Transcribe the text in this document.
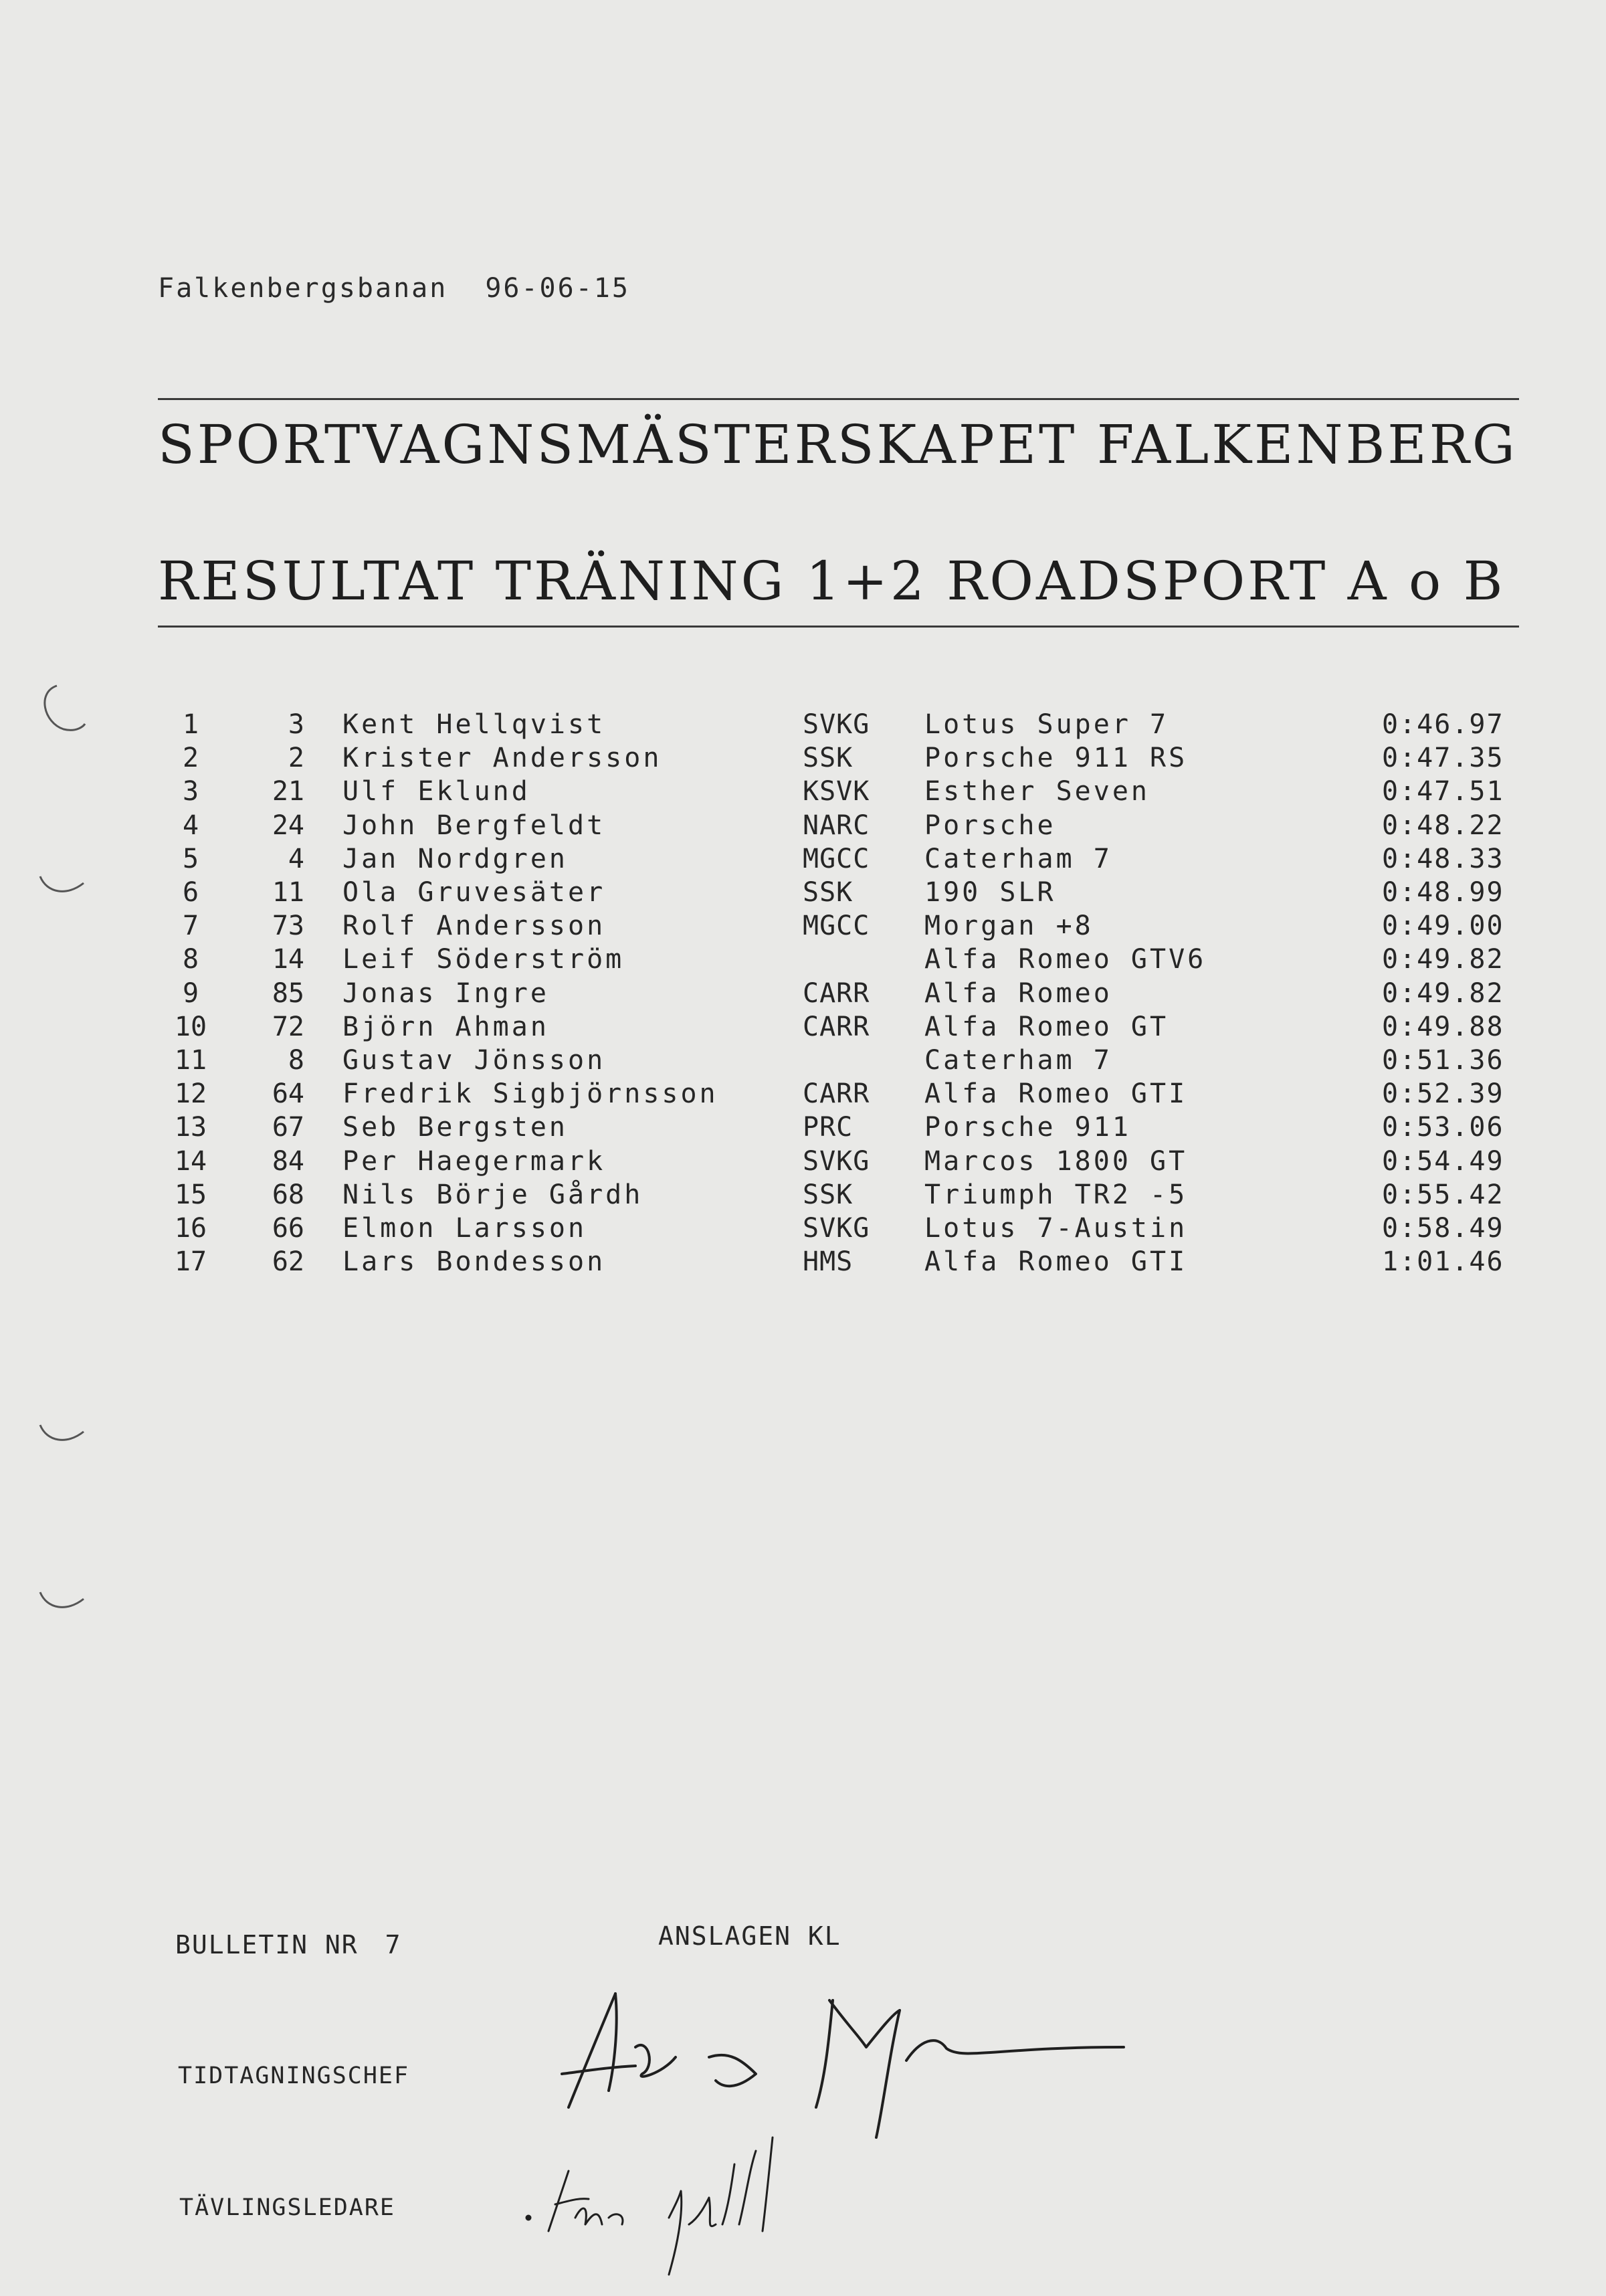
Falkenbergsbanan 96-06-15
SPORTVAGNSMÄSTERSKAPET FALKENBERG
RESULTAT TRÄNING 1+2 ROADSPORT A o B
1	3 Kent Hellqvist	SVKG Lotus Super 7	0:46.97
2	2 Krister Andersson	SSK	Porsche 911 RS	0:47.35
3	21 Ulf Eklund	KSVK Esther Seven	0:47.51
4	24 John Bergfeldt	NARC Porsche	0:48.22
5	4 Jan Nordgren	MGCC Caterham 7	0:48.33
6	11 Ola Gruvesäter	SSK	190 SLR	0:48.99
7	73 Rolf Andersson	MGCC Morgan +8	0:49.00
8	14 Leif Söderström	Alfa Romeo GTV6	0:49.82
9	85 Jonas Ingre	CARR Alfa Romeo	0:49.82
10	72 Björn Ahman	CARR Alfa Romeo GT	0:49.88
11	8 Gustav Jönsson	Caterham 7	0:51.36
12	64 Fredrik Sigbjörnsson	CARR Alfa Romeo GTI	0:52.39
13	67 Seb Bergsten	PRC	Porsche 911	0:53.06
14	84 Per Haegermark	SVKG Marcos 1800 GT	0:54.49
15	68 Nils Börje Gårdh	SSK	Triumph TR2 -5	0:55.42
16	66 Elmon Larsson	SVKG Lotus 7-Austin	0:58.49
17	62 Lars Bondesson	HMS	Alfa Romeo GTI	1:01.46
BULLETIN NR 7	ANSLAGEN KL
TIDTAGNINGSCHEF
TÄVLINGSLEDARE
